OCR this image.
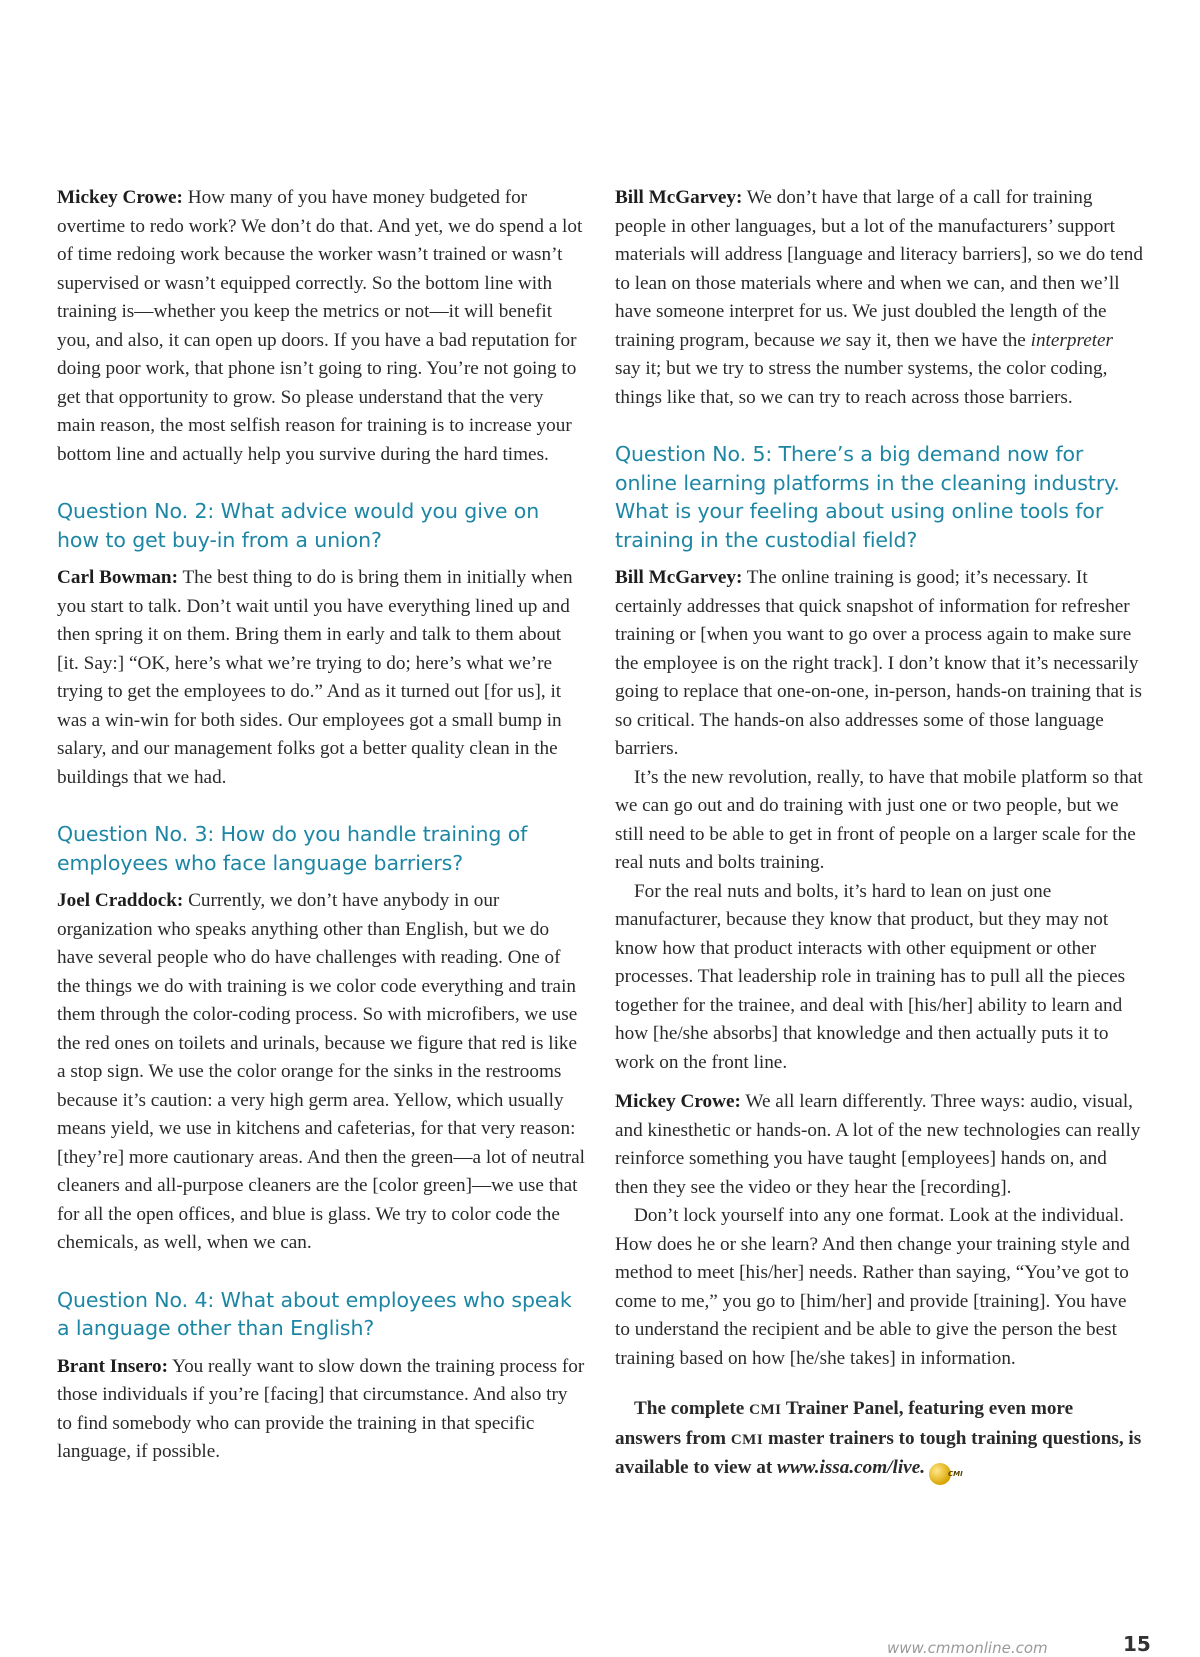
Mickey Crowe: How many of you have money budgeted for overtime to redo work? We don’t do that. And yet, we do spend a lot of time redoing work because the worker wasn’t trained or wasn’t supervised or wasn’t equipped correctly. So the bottom line with training is—whether you keep the metrics or not—it will benefit you, and also, it can open up doors. If you have a bad reputation for doing poor work, that phone isn’t going to ring. You’re not going to get that opportunity to grow. So please understand that the very main reason, the most selfish reason for training is to increase your bottom line and actually help you survive during the hard times.

Question No. 2: What advice would you give on how to get buy-in from a union?

Carl Bowman: The best thing to do is bring them in initially when you start to talk. Don’t wait until you have everything lined up and then spring it on them. Bring them in early and talk to them about [it. Say:] “OK, here’s what we’re trying to do; here’s what we’re trying to get the employees to do.” And as it turned out [for us], it was a win-win for both sides. Our employees got a small bump in salary, and our management folks got a better quality clean in the buildings that we had.

Question No. 3: How do you handle training of employees who face language barriers?

Joel Craddock: Currently, we don’t have anybody in our organization who speaks anything other than English, but we do have several people who do have challenges with reading. One of the things we do with training is we color code everything and train them through the color-coding process. So with microfibers, we use the red ones on toilets and urinals, because we figure that red is like a stop sign. We use the color orange for the sinks in the restrooms because it’s caution: a very high germ area. Yellow, which usually means yield, we use in kitchens and cafeterias, for that very reason: [they’re] more cautionary areas. And then the green—a lot of neutral cleaners and all-purpose cleaners are the [color green]—we use that for all the open offices, and blue is glass. We try to color code the chemicals, as well, when we can.

Question No. 4: What about employees who speak a language other than English?

Brant Insero: You really want to slow down the training process for those individuals if you’re [facing] that circumstance. And also try to find somebody who can provide the training in that specific language, if possible.

Bill McGarvey: We don’t have that large of a call for training people in other languages, but a lot of the manufacturers’ support materials will address [language and literacy barriers], so we do tend to lean on those materials where and when we can, and then we’ll have someone interpret for us. We just doubled the length of the training program, because we say it, then we have the interpreter say it; but we try to stress the number systems, the color coding, things like that, so we can try to reach across those barriers.

Question No. 5: There’s a big demand now for online learning platforms in the cleaning industry. What is your feeling about using online tools for training in the custodial field?

Bill McGarvey: The online training is good; it’s necessary. It certainly addresses that quick snapshot of information for refresher training or [when you want to go over a process again to make sure the employee is on the right track]. I don’t know that it’s necessarily going to replace that one-on-one, in-person, hands-on training that is so critical. The hands-on also addresses some of those language barriers.

It’s the new revolution, really, to have that mobile platform so that we can go out and do training with just one or two people, but we still need to be able to get in front of people on a larger scale for the real nuts and bolts training.

For the real nuts and bolts, it’s hard to lean on just one manufacturer, because they know that product, but they may not know how that product interacts with other equipment or other processes. That leadership role in training has to pull all the pieces together for the trainee, and deal with [his/her] ability to learn and how [he/she absorbs] that knowledge and then actually puts it to work on the front line.

Mickey Crowe: We all learn differently. Three ways: audio, visual, and kinesthetic or hands-on. A lot of the new technologies can really reinforce something you have taught [employees] hands on, and then they see the video or they hear the [recording].

Don’t lock yourself into any one format. Look at the individual. How does he or she learn? And then change your training style and method to meet [his/her] needs. Rather than saying, “You’ve got to come to me,” you go to [him/her] and provide [training]. You have to understand the recipient and be able to give the person the best training based on how [he/she takes] in information.

The complete CMI Trainer Panel, featuring even more answers from CMI master trainers to tough training questions, is available to view at www.issa.com/live.	CMI

www.cmmonline.com	15
